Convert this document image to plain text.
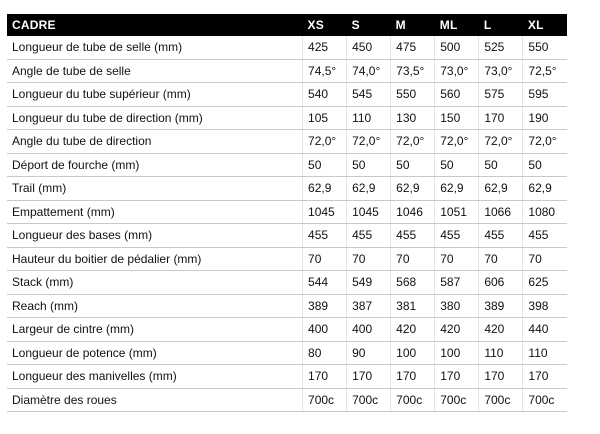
CADRE	XS	S	M	ML	L	XL
Longueur de tube de selle (mm)	425	450	475	500	525	550
Angle de tube de selle	74,5°	74,0°	73,5°	73,0°	73,0°	72,5°
Longueur du tube supérieur (mm)	540	545	550	560	575	595
Longueur du tube de direction (mm)	105	110	130	150	170	190
Angle du tube de direction	72,0°	72,0°	72,0°	72,0°	72,0°	72,0°
Déport de fourche (mm)	50	50	50	50	50	50
Trail (mm)	62,9	62,9	62,9	62,9	62,9	62,9
Empattement (mm)	1045	1045	1046	1051	1066	1080
Longueur des bases (mm)	455	455	455	455	455	455
Hauteur du boitier de pédalier (mm)	70	70	70	70	70	70
Stack (mm)	544	549	568	587	606	625
Reach (mm)	389	387	381	380	389	398
Largeur de cintre (mm)	400	400	420	420	420	440
Longueur de potence (mm)	80	90	100	100	110	110
Longueur des manivelles (mm)	170	170	170	170	170	170
Diamètre des roues	700c	700c	700c	700c	700c	700c
